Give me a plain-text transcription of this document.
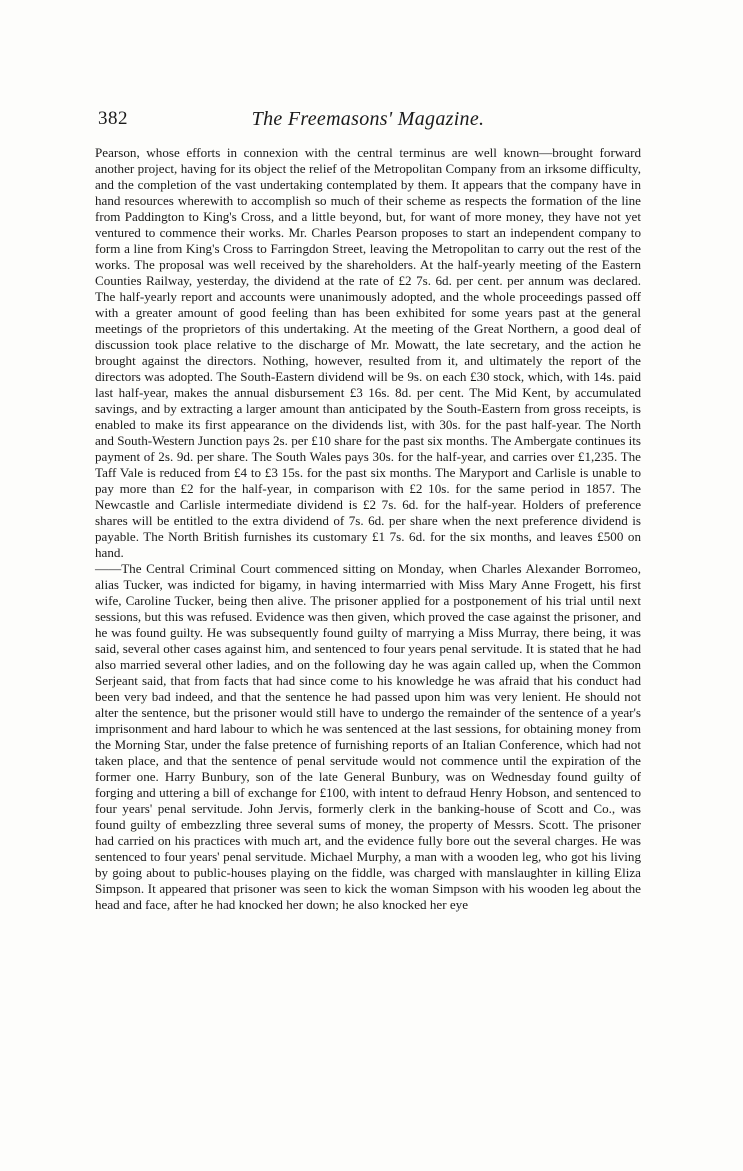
382	The Freemasons' Magazine.

Pearson, whose efforts in connexion with the central terminus are well known—brought forward another project, having for its object the relief of the Metropolitan Company from an irksome difficulty, and the completion of the vast undertaking contemplated by them. It appears that the company have in hand resources wherewith to accomplish so much of their scheme as respects the formation of the line from Paddington to King's Cross, and a little beyond, but, for want of more money, they have not yet ventured to commence their works. Mr. Charles Pearson proposes to start an independent company to form a line from King's Cross to Farringdon Street, leaving the Metropolitan to carry out the rest of the works. The proposal was well received by the shareholders. At the half-yearly meeting of the Eastern Counties Railway, yesterday, the dividend at the rate of £2 7s. 6d. per cent. per annum was declared. The half-yearly report and accounts were unanimously adopted, and the whole proceedings passed off with a greater amount of good feeling than has been exhibited for some years past at the general meetings of the proprietors of this undertaking. At the meeting of the Great Northern, a good deal of discussion took place relative to the discharge of Mr. Mowatt, the late secretary, and the action he brought against the directors. Nothing, however, resulted from it, and ultimately the report of the directors was adopted. The South-Eastern dividend will be 9s. on each £30 stock, which, with 14s. paid last half-year, makes the annual disbursement £3 16s. 8d. per cent. The Mid Kent, by accumulated savings, and by extracting a larger amount than anticipated by the South-Eastern from gross receipts, is enabled to make its first appearance on the dividends list, with 30s. for the past half-year. The North and South-Western Junction pays 2s. per £10 share for the past six months. The Ambergate continues its payment of 2s. 9d. per share. The South Wales pays 30s. for the half-year, and carries over £1,235. The Taff Vale is reduced from £4 to £3 15s. for the past six months. The Maryport and Carlisle is unable to pay more than £2 for the half-year, in comparison with £2 10s. for the same period in 1857. The Newcastle and Carlisle intermediate dividend is £2 7s. 6d. for the half-year. Holders of preference shares will be entitled to the extra dividend of 7s. 6d. per share when the next preference dividend is payable. The North British furnishes its customary £1 7s. 6d. for the six months, and leaves £500 on hand.

——The Central Criminal Court commenced sitting on Monday, when Charles Alexander Borromeo, alias Tucker, was indicted for bigamy, in having intermarried with Miss Mary Anne Frogett, his first wife, Caroline Tucker, being then alive. The prisoner applied for a postponement of his trial until next sessions, but this was refused. Evidence was then given, which proved the case against the prisoner, and he was found guilty. He was subsequently found guilty of marrying a Miss Murray, there being, it was said, several other cases against him, and sentenced to four years penal servitude. It is stated that he had also married several other ladies, and on the following day he was again called up, when the Common Serjeant said, that from facts that had since come to his knowledge he was afraid that his conduct had been very bad indeed, and that the sentence he had passed upon him was very lenient. He should not alter the sentence, but the prisoner would still have to undergo the remainder of the sentence of a year's imprisonment and hard labour to which he was sentenced at the last sessions, for obtaining money from the Morning Star, under the false pretence of furnishing reports of an Italian Conference, which had not taken place, and that the sentence of penal servitude would not commence until the expiration of the former one. Harry Bunbury, son of the late General Bunbury, was on Wednesday found guilty of forging and uttering a bill of exchange for £100, with intent to defraud Henry Hobson, and sentenced to four years' penal servitude. John Jervis, formerly clerk in the banking-house of Scott and Co., was found guilty of embezzling three several sums of money, the property of Messrs. Scott. The prisoner had carried on his practices with much art, and the evidence fully bore out the several charges. He was sentenced to four years' penal servitude. Michael Murphy, a man with a wooden leg, who got his living by going about to public-houses playing on the fiddle, was charged with manslaughter in killing Eliza Simpson. It appeared that prisoner was seen to kick the woman Simpson with his wooden leg about the head and face, after he had knocked her down; he also knocked her eye
